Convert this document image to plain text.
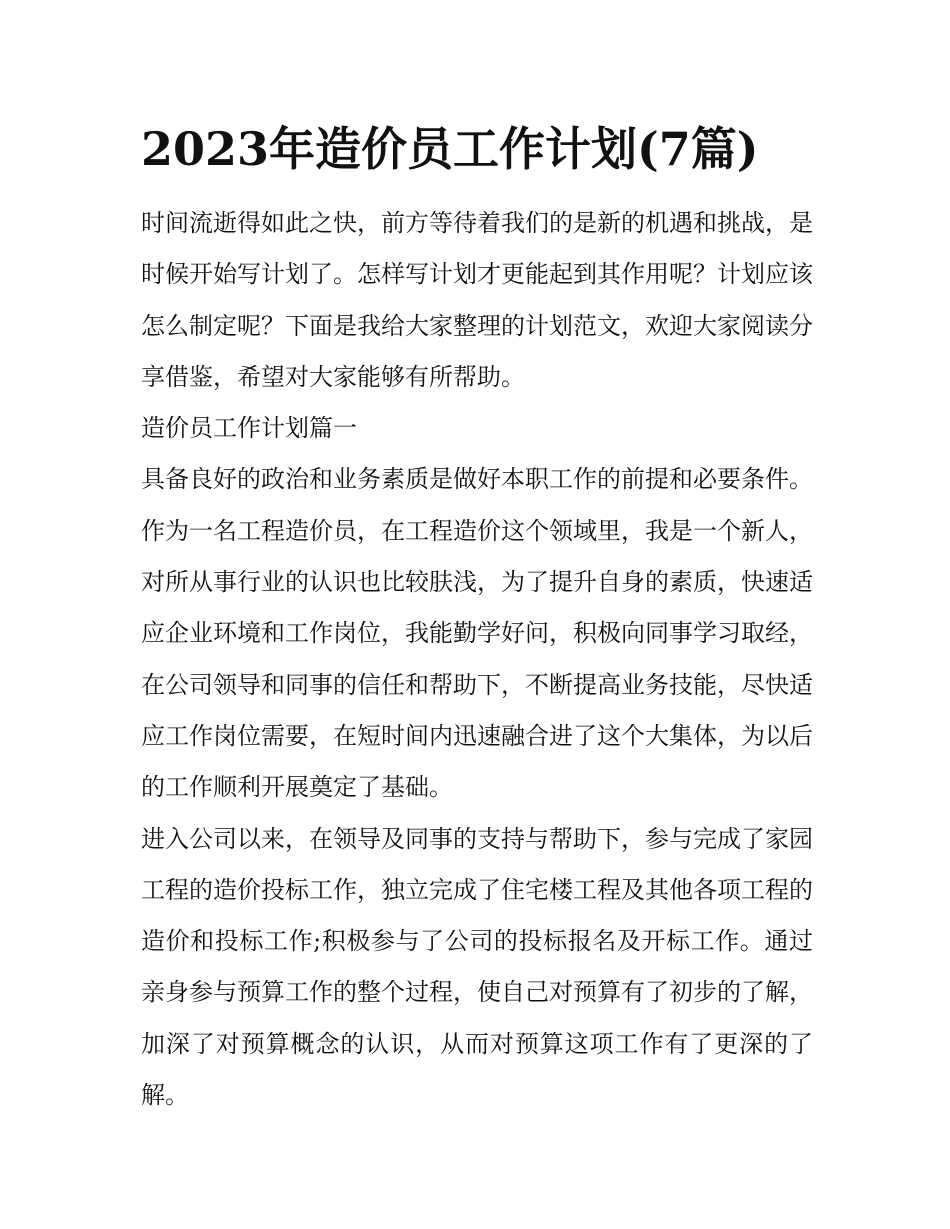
2023年造价员工作计划(7篇)

时间流逝得如此之快，前方等待着我们的是新的机遇和挑战，是时候开始写计划了。怎样写计划才更能起到其作用呢？计划应该怎么制定呢？下面是我给大家整理的计划范文，欢迎大家阅读分享借鉴，希望对大家能够有所帮助。

造价员工作计划篇一

具备良好的政治和业务素质是做好本职工作的前提和必要条件。作为一名工程造价员，在工程造价这个领域里，我是一个新人，对所从事行业的认识也比较肤浅，为了提升自身的素质，快速适应企业环境和工作岗位，我能勤学好问，积极向同事学习取经，在公司领导和同事的信任和帮助下，不断提高业务技能，尽快适应工作岗位需要，在短时间内迅速融合进了这个大集体，为以后的工作顺利开展奠定了基础。

进入公司以来，在领导及同事的支持与帮助下，参与完成了家园工程的造价投标工作，独立完成了住宅楼工程及其他各项工程的造价和投标工作;积极参与了公司的投标报名及开标工作。通过亲身参与预算工作的整个过程，使自己对预算有了初步的了解，加深了对预算概念的认识，从而对预算这项工作有了更深的了解。
